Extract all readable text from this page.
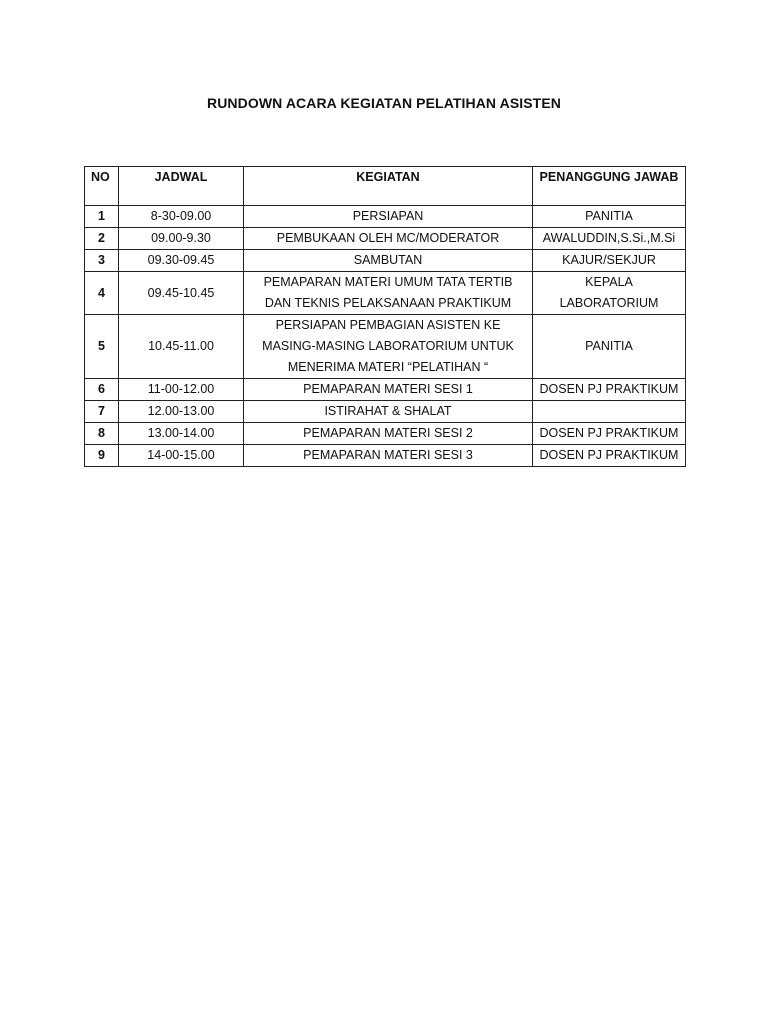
RUNDOWN ACARA KEGIATAN PELATIHAN ASISTEN
NO	JADWAL	KEGIATAN	PENANGGUNG JAWAB
1	8-30-09.00	PERSIAPAN	PANITIA

2	09.00-9.30	PEMBUKAAN OLEH MC/MODERATOR	AWALUDDIN,S.Si.,M.Si

3	09.30-09.45	SAMBUTAN	KAJUR/SEKJUR

4	09.45-10.45	PEMAPARAN MATERI UMUM TATA TERTIB
DAN TEKNIS PELAKSANAAN PRAKTIKUM	KEPALA
LABORATORIUM

5	10.45-11.00	PERSIAPAN PEMBAGIAN ASISTEN KE
MASING-MASING LABORATORIUM UNTUK
MENERIMA MATERI “PELATIHAN “	PANITIA

6	11-00-12.00	PEMAPARAN MATERI SESI 1	DOSEN PJ PRAKTIKUM

7	12.00-13.00	ISTIRAHAT & SHALAT	

8	13.00-14.00	PEMAPARAN MATERI SESI 2	DOSEN PJ PRAKTIKUM

9	14-00-15.00	PEMAPARAN MATERI SESI 3	DOSEN PJ PRAKTIKUM
